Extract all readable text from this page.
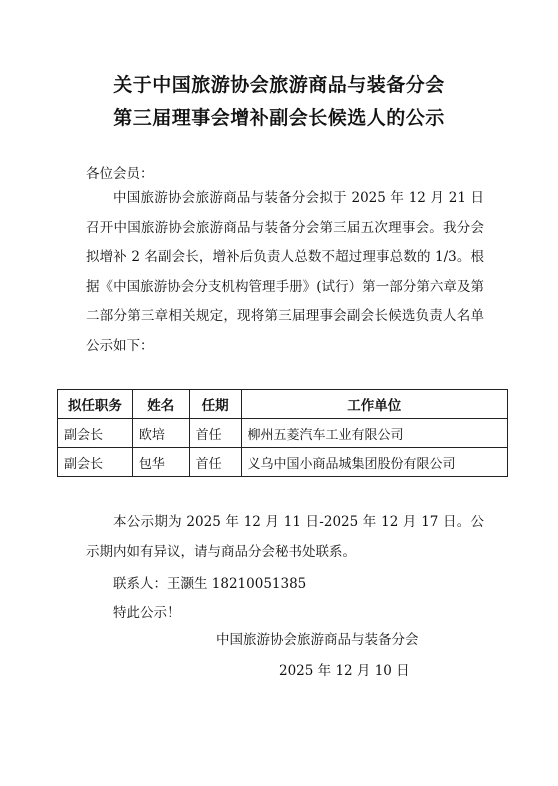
关于中国旅游协会旅游商品与装备分会
第三届理事会增补副会长候选人的公示
各位会员：
中国旅游协会旅游商品与装备分会拟于 2025 年 12 月 21 日召开中国旅游协会旅游商品与装备分会第三届五次理事会。我分会拟增补 2 名副会长，增补后负责人总数不超过理事总数的 1/3。根据《中国旅游协会分支机构管理手册》(试行）第一部分第六章及第二部分第三章相关规定，现将第三届理事会副会长候选负责人名单公示如下：
拟任职务	姓名	任期	工作单位
副会长	欧培	首任	柳州五菱汽车工业有限公司
副会长	包华	首任	义乌中国小商品城集团股份有限公司
本公示期为 2025 年 12 月 11 日-2025 年 12 月 17 日。公示期内如有异议，请与商品分会秘书处联系。
联系人：王灏生 18210051385
特此公示！
中国旅游协会旅游商品与装备分会
2025 年 12 月 10 日
